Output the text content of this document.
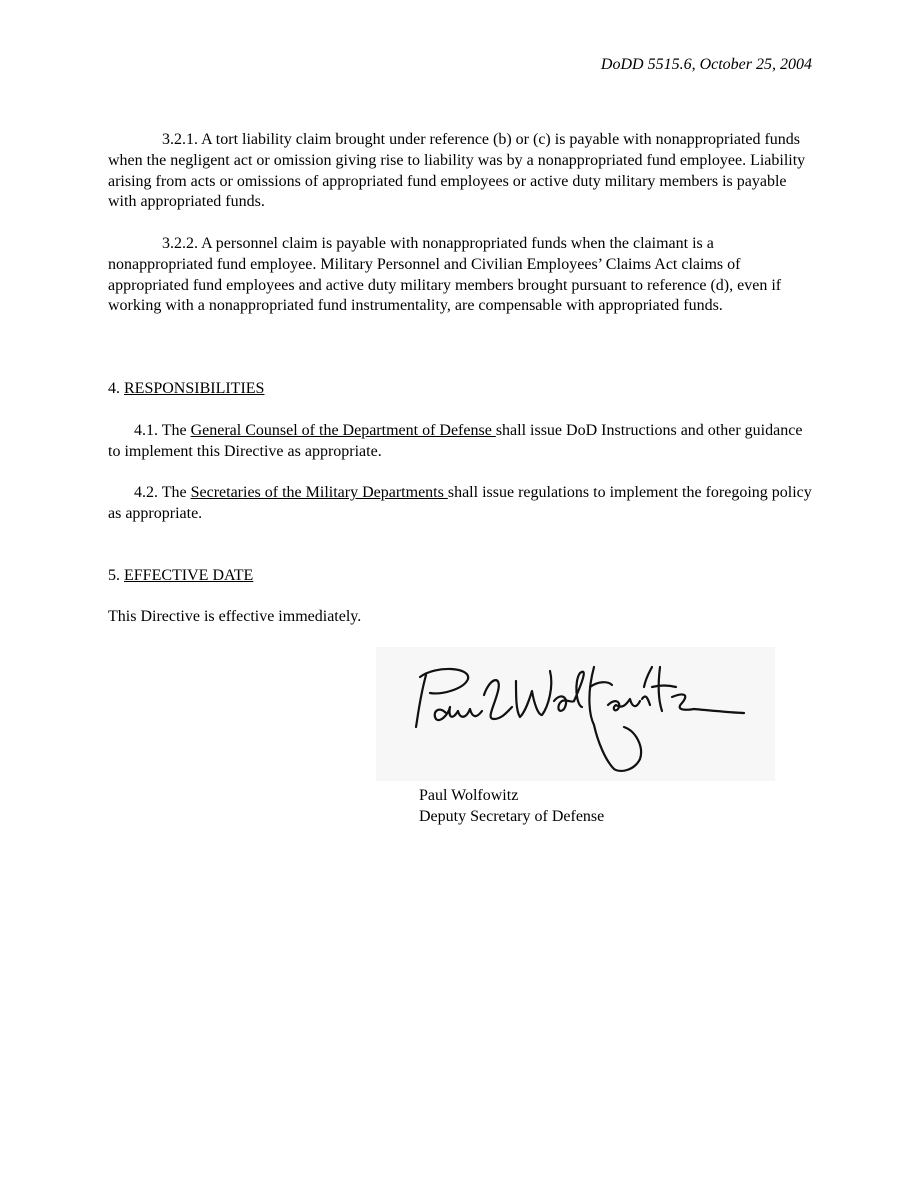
DoDD 5515.6, October 25, 2004

3.2.1. A tort liability claim brought under reference (b) or (c) is payable with nonappropriated funds when the negligent act or omission giving rise to liability was by a nonappropriated fund employee. Liability arising from acts or omissions of appropriated fund employees or active duty military members is payable with appropriated funds.

3.2.2. A personnel claim is payable with nonappropriated funds when the claimant is a nonappropriated fund employee. Military Personnel and Civilian Employees’ Claims Act claims of appropriated fund employees and active duty military members brought pursuant to reference (d), even if working with a nonappropriated fund instrumentality, are compensable with appropriated funds.

4. RESPONSIBILITIES

4.1. The General Counsel of the Department of Defense shall issue DoD Instructions and other guidance to implement this Directive as appropriate.

4.2. The Secretaries of the Military Departments shall issue regulations to implement the foregoing policy as appropriate.

5. EFFECTIVE DATE

This Directive is effective immediately.

Paul Wolfowitz
Deputy Secretary of Defense
